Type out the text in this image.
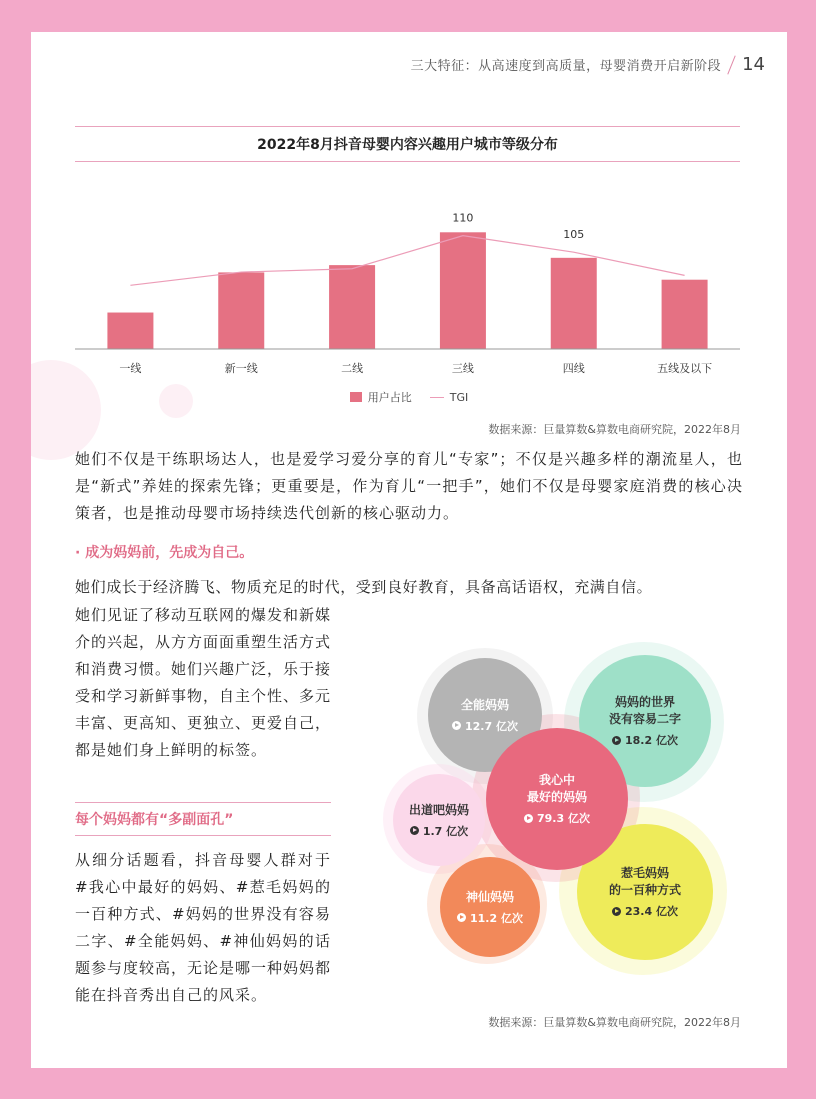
三大特征：从高速度到高质量，母婴消费开启新阶段 14
2022年8月抖音母婴内容兴趣用户城市等级分布
一线	新一线	二线	三线	四线	五线及以下
110
105
用户占比	TGI
数据来源：巨量算数&算数电商研究院，2022年8月

她们不仅是干练职场达人，也是爱学习爱分享的育儿“专家”；不仅是兴趣多样的潮流星人，也是“新式”养娃的探索先锋；更重要是，作为育儿“一把手”，她们不仅是母婴家庭消费的核心决策者，也是推动母婴市场持续迭代创新的核心驱动力。

· 成为妈妈前，先成为自己。

她们成长于经济腾飞、物质充足的时代，受到良好教育，具备高话语权，充满自信。

她们见证了移动互联网的爆发和新媒介的兴起，从方方面面重塑生活方式和消费习惯。她们兴趣广泛，乐于接受和学习新鲜事物，自主个性、多元丰富、更高知、更独立、更爱自己，都是她们身上鲜明的标签。

每个妈妈都有“多副面孔”

从细分话题看，抖音母婴人群对于 #我心中最好的妈妈、#惹毛妈妈的一百种方式、#妈妈的世界没有容易二字、#全能妈妈、#神仙妈妈的话题参与度较高，无论是哪一种妈妈都能在抖音秀出自己的风采。

全能妈妈
12.7 亿次
妈妈的世界
没有容易二字
18.2 亿次
出道吧妈妈
1.7 亿次
惹毛妈妈
的一百种方式
23.4 亿次
神仙妈妈
11.2 亿次
我心中
最好的妈妈
79.3 亿次
数据来源：巨量算数&算数电商研究院，2022年8月
